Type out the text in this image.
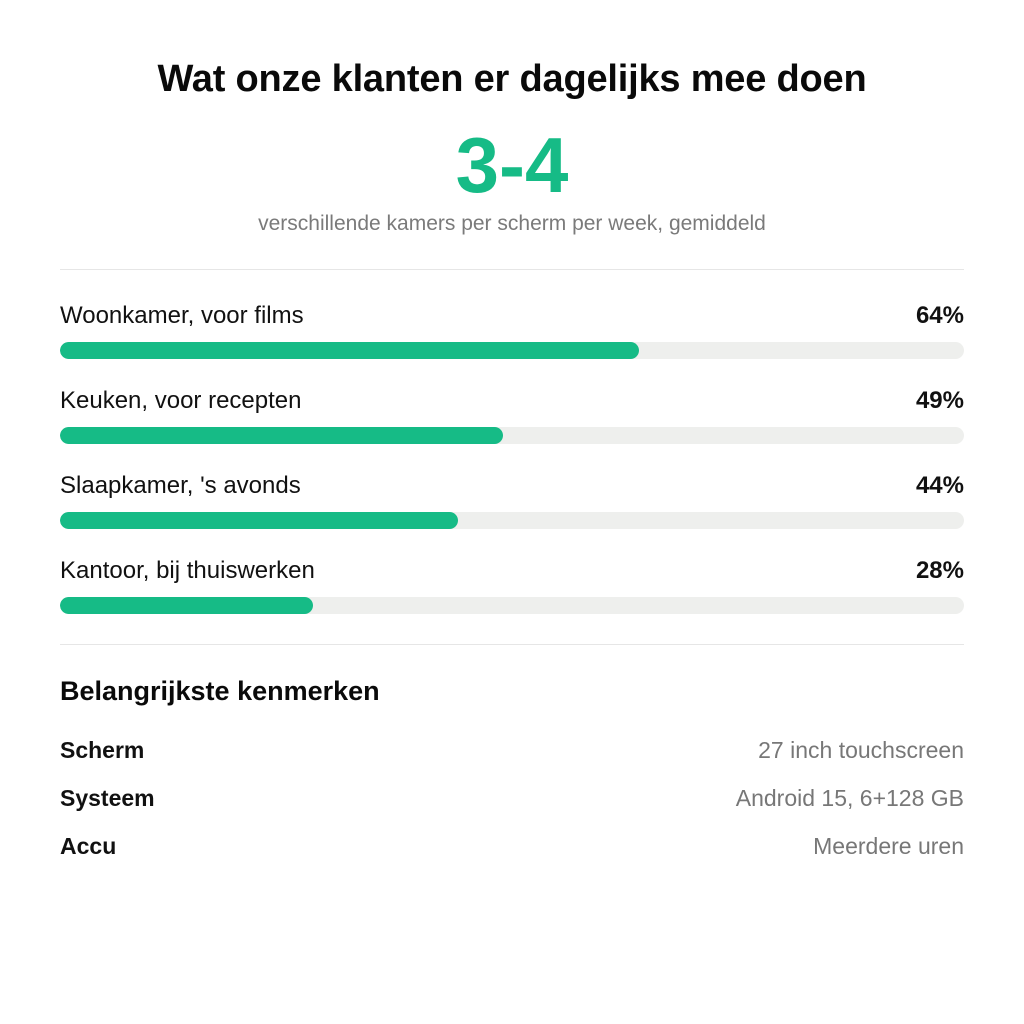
Wat onze klanten er dagelijks mee doen
3-4
verschillende kamers per scherm per week, gemiddeld
Woonkamer, voor films	64%
Keuken, voor recepten	49%
Slaapkamer, 's avonds	44%
Kantoor, bij thuiswerken	28%
Belangrijkste kenmerken
Scherm	27 inch touchscreen
Systeem	Android 15, 6+128 GB
Accu	Meerdere uren
